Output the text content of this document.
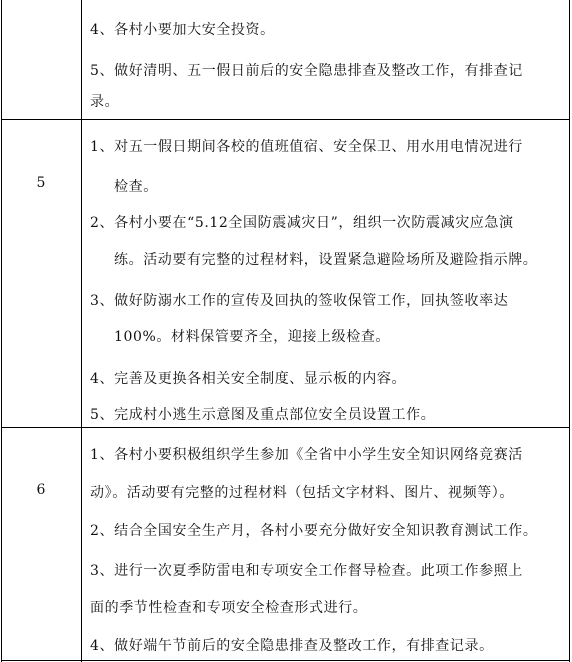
4、各村小要加大安全投资。
5、做好清明、五一假日前后的安全隐患排查及整改工作，有排查记
录。
5
1、对五一假日期间各校的值班值宿、安全保卫、用水用电情况进行
检查。
2、各村小要在“5.12全国防震减灾日”，组织一次防震减灾应急演
练。活动要有完整的过程材料，设置紧急避险场所及避险指示牌。
3、做好防溺水工作的宣传及回执的签收保管工作，回执签收率达
100%。材料保管要齐全，迎接上级检查。
4、完善及更换各相关安全制度、显示板的内容。
5、完成村小逃生示意图及重点部位安全员设置工作。
6
1、各村小要积极组织学生参加《全省中小学生安全知识网络竞赛活
动》。活动要有完整的过程材料（包括文字材料、图片、视频等）。
2、结合全国安全生产月，各村小要充分做好安全知识教育测试工作。
3、进行一次夏季防雷电和专项安全工作督导检查。此项工作参照上
面的季节性检查和专项安全检查形式进行。
4、做好端午节前后的安全隐患排查及整改工作，有排查记录。
